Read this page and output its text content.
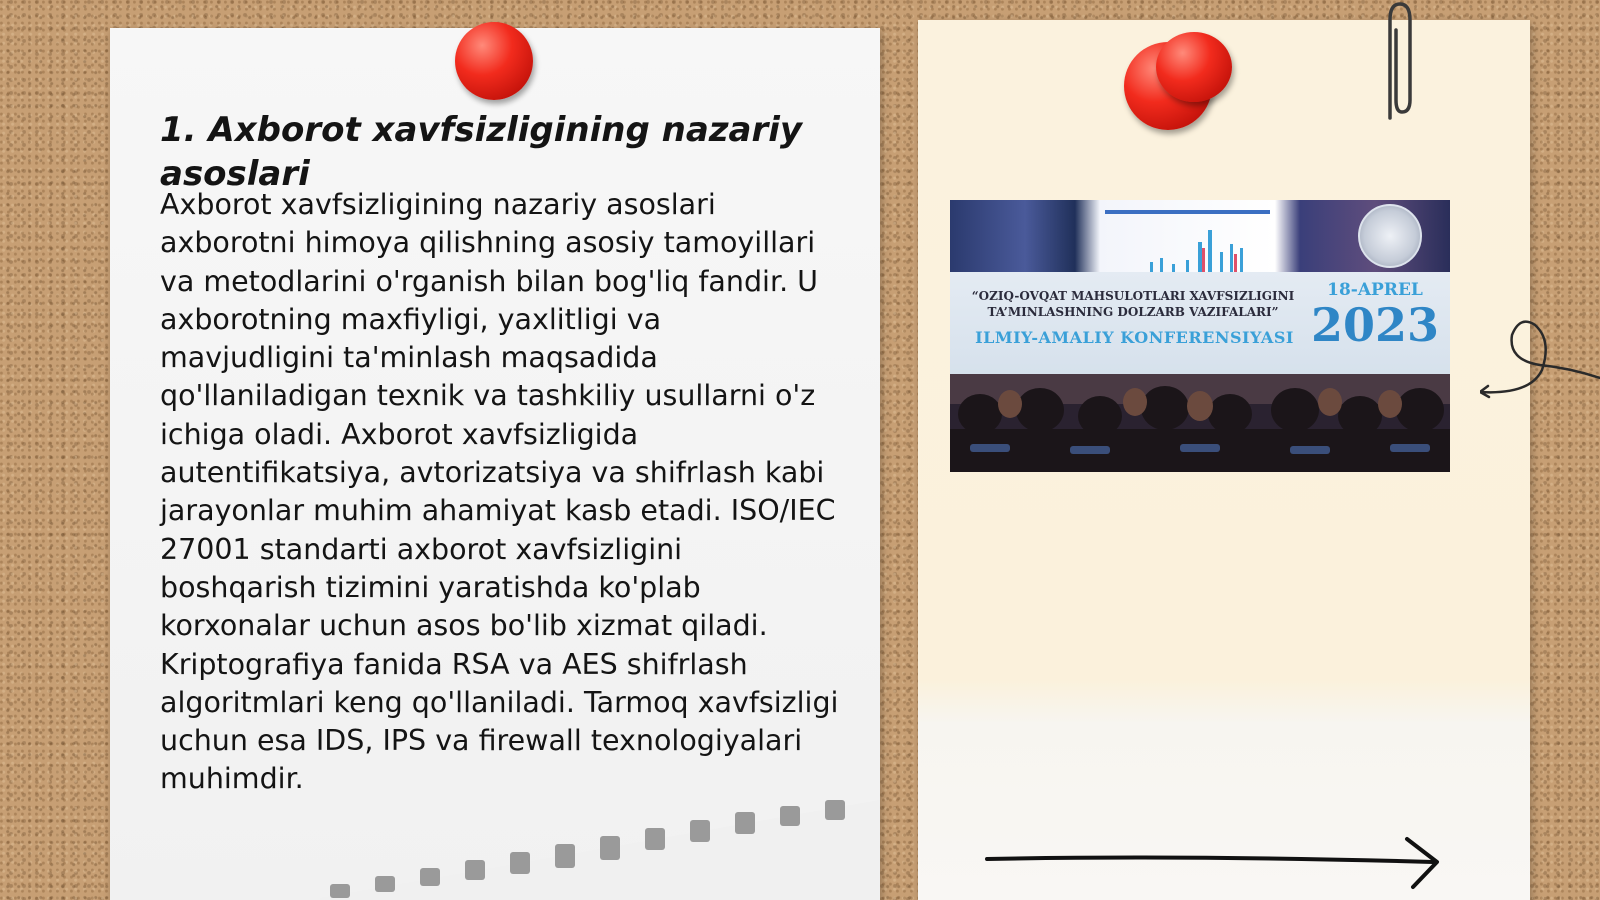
1. Axborot xavfsizligining nazariy asoslari

Axborot xavfsizligining nazariy asoslari axborotni himoya qilishning asosiy tamoyillari va metodlarini o'rganish bilan bog'liq fandir. U axborotning maxfiyligi, yaxlitligi va mavjudligini ta'minlash maqsadida qo'llaniladigan texnik va tashkiliy usullarni o'z ichiga oladi. Axborot xavfsizligida autentifikatsiya, avtorizatsiya va shifrlash kabi jarayonlar muhim ahamiyat kasb etadi. ISO/IEC 27001 standarti axborot xavfsizligini boshqarish tizimini yaratishda ko'plab korxonalar uchun asos bo'lib xizmat qiladi. Kriptografiya fanida RSA va AES shifrlash algoritmlari keng qo'llaniladi. Tarmoq xavfsizligi uchun esa IDS, IPS va firewall texnologiyalari muhimdir.

“OZIQ-OVQAT MAHSULOTLARI XAVFSIZLIGINI TA’MINLASHNING DOLZARB VAZIFALARI”
ILMIY-AMALIY KONFERENSIYASI
18-APREL
2023
